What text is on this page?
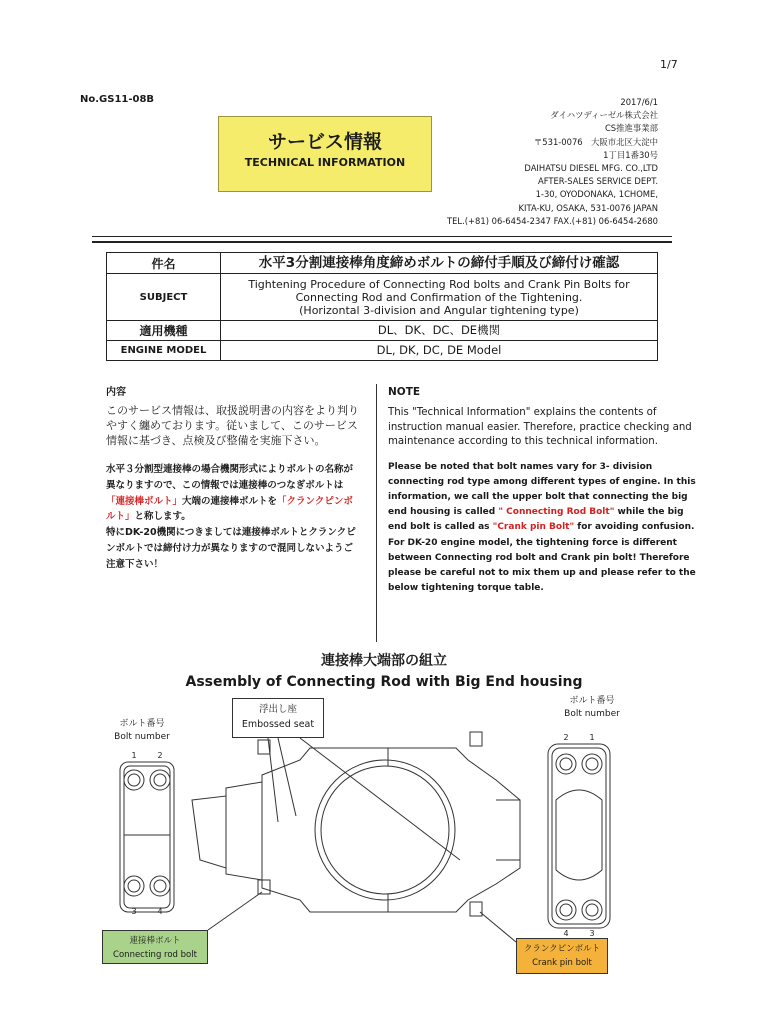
1/7
No.GS11-08B
サービス情報
TECHNICAL INFORMATION
2017/6/1
ダイハツディーゼル株式会社
CS推進事業部
〒531-0076　大阪市北区大淀中
1丁目1番30号
DAIHATSU DIESEL MFG. CO.,LTD
AFTER-SALES SERVICE DEPT.
1-30, OYODONAKA, 1CHOME,
KITA-KU, OSAKA, 531-0076 JAPAN
TEL.(+81) 06-6454-2347 FAX.(+81) 06-6454-2680
件名	水平3分割連接棒角度締めボルトの締付手順及び締付け確認
SUBJECT	Tightening Procedure of Connecting Rod bolts and Crank Pin Bolts for
Connecting Rod and Confirmation of the Tightening.
(Horizontal 3-division and Angular tightening type)

適用機種	DL、DK、DC、DE機関
ENGINE MODEL	DL, DK, DC, DE Model
内容

このサービス情報は、取扱説明書の内容をより判りやすく纏めております。従いまして、このサービス情報に基づき、点検及び整備を実施下さい。

水平３分割型連接棒の場合機関形式によりボルトの名称が異なりますので、この情報では連接棒のつなぎボルトは「連接棒ボルト」大端の連接棒ボルトを「クランクピンボルト」と称します。
特にDK-20機関につきましては連接棒ボルトとクランクピンボルトでは締付け力が異なりますので混同しないようご注意下さい！

NOTE

This "Technical Information" explains the contents of instruction manual easier. Therefore, practice checking and maintenance according to this technical information.

Please be noted that bolt names vary for 3- division connecting rod type among different types of engine. In this information, we call the upper bolt that connecting the big end housing is called " Connecting Rod Bolt" while the big end bolt is called as "Crank pin Bolt" for avoiding confusion.
For DK-20 engine model, the tightening force is different between Connecting rod bolt and Crank pin bolt! Therefore please be careful not to mix them up and please refer to the below tightening torque table.

連接棒大端部の組立
Assembly of Connecting Rod with Big End housing
1	2
3	4
2	1
4	3
浮出し座
Embossed seat
ボルト番号
Bolt number
ボルト番号
Bolt number
連接棒ボルト
Connecting rod bolt
クランクピンボルト
Crank pin bolt
